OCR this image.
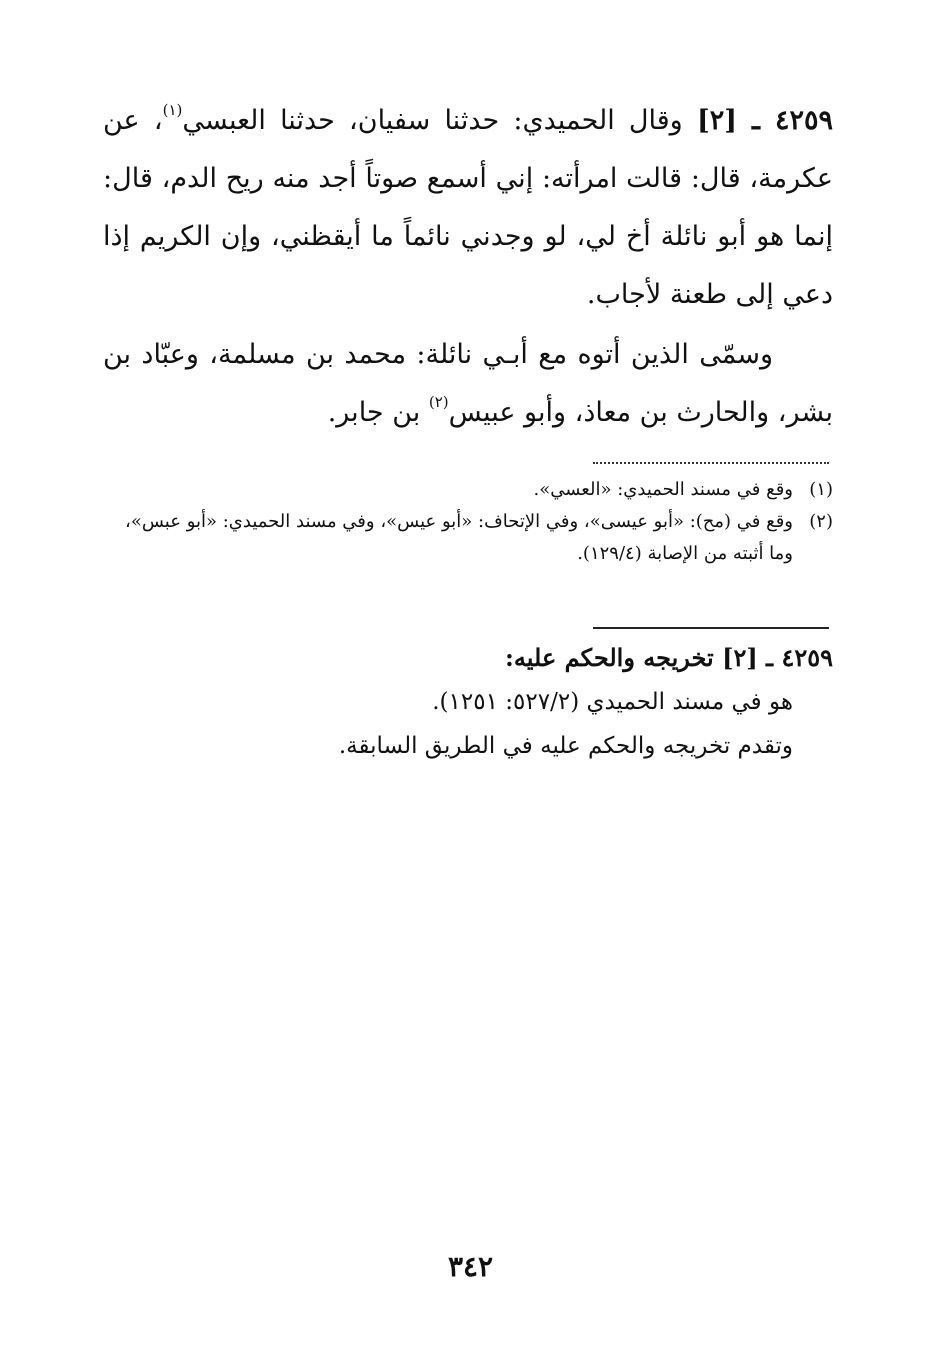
٤٢٥٩ ـ [٢] وقال الحميدي: حدثنا سفيان، حدثنا العبسي$^{(١)}$، عن عكرمة، قال: قالت امرأته: إني أسمع صوتاً أجد منه ريح الدم، قال: إنما هو أبو نائلة أخ لي، لو وجدني نائماً ما أيقظني، وإن الكريم إذا دعي إلى طعنة لأجاب.

وسمّى الذين أتوه مع أبـي نائلة: محمد بن مسلمة، وعبّاد بن بشر، والحارث بن معاذ، وأبو عبيس$^{(٢)}$ بن جابر.

(١)وقع في مسند الحميدي: «العسي».

(٢)وقع في (مح): «أبو عيسى»، وفي الإتحاف: «أبو عيس»، وفي مسند الحميدي: «أبو عبس»،

وما أثبته من الإصابة (١٢٩/٤).

٤٢٥٩ ـ [٢] تخريجه والحكم عليه:

هو في مسند الحميدي (٥٢٧/٢: ١٢٥١).

وتقدم تخريجه والحكم عليه في الطريق السابقة.

٣٤٢
